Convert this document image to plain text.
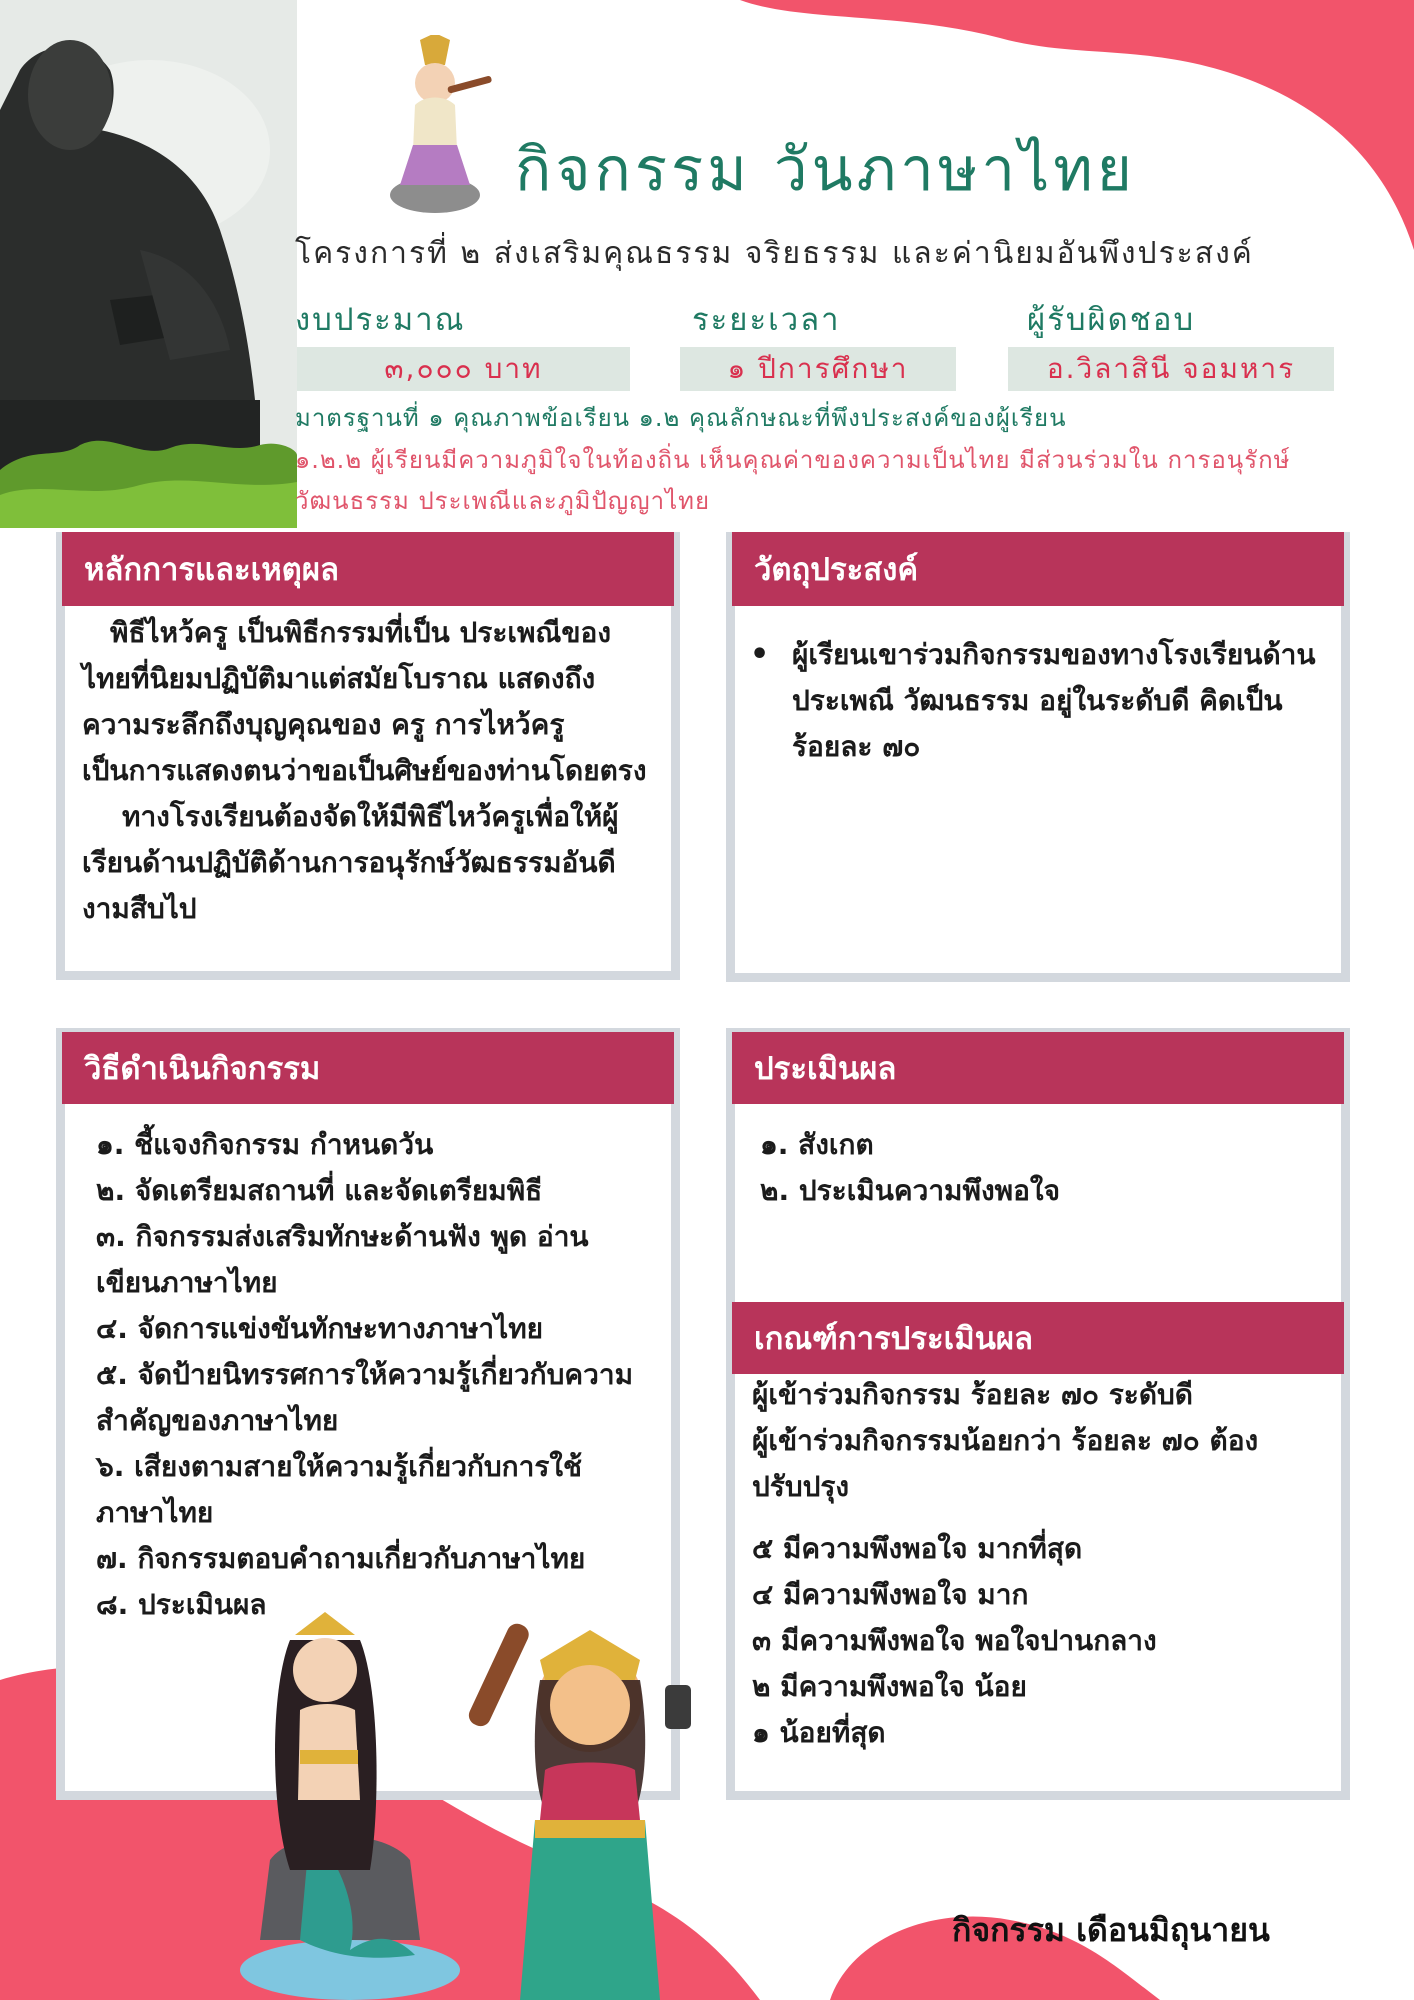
กิจกรรม วันภาษาไทย
โครงการที่ ๒ ส่งเสริมคุณธรรม จริยธรรม และค่านิยมอันพึงประสงค์
งบประมาณ	ระยะเวลา	ผู้รับผิดชอบ
๓,๐๐๐ บาท	๑ ปีการศึกษา	อ.วิลาสินี จอมหาร
มาตรฐานที่ ๑ คุณภาพข้อเรียน ๑.๒ คุณลักษณะที่พึงประสงค์ของผู้เรียน
๑.๒.๒ ผู้เรียนมีความภูมิใจในท้องถิ่น เห็นคุณค่าของความเป็นไทย มีส่วนร่วมใน การอนุรักษ์วัฒนธรรม ประเพณีและภูมิปัญญาไทย
หลักการและเหตุผล

พิธีไหว้ครู เป็นพิธีกรรมที่เป็น ประเพณีของไทยที่นิยมปฏิบัติมาแต่สมัยโบราณ แสดงถึงความระลึกถึงบุญคุณของ ครู การไหว้ครูเป็นการแสดงตนว่าขอเป็นศิษย์ของท่านโดยตรง

ทางโรงเรียนต้องจัดให้มีพิธีไหว้ครูเพื่อให้ผู้เรียนด้านปฏิบัติด้านการอนุรักษ์วัฒธรรมอันดีงามสืบไป

วัตถุประสงค์

• ผู้เรียนเขาร่วมกิจกรรมของทางโรงเรียนด้านประเพณี วัฒนธรรม อยู่ในระดับดี คิดเป็นร้อยละ ๗๐

วิธีดำเนินกิจกรรม

๑. ชี้แจงกิจกรรม กำหนดวัน

๒. จัดเตรียมสถานที่ และจัดเตรียมพิธี

๓. กิจกรรมส่งเสริมทักษะด้านฟัง พูด อ่าน เขียนภาษาไทย

๔. จัดการแข่งขันทักษะทางภาษาไทย

๕. จัดป้ายนิทรรศการให้ความรู้เกี่ยวกับความสำคัญของภาษาไทย

๖. เสียงตามสายให้ความรู้เกี่ยวกับการใช้ภาษาไทย

๗. กิจกรรมตอบคำถามเกี่ยวกับภาษาไทย

๘. ประเมินผล

ประเมินผล

๑. สังเกต

๒. ประเมินความพึงพอใจ

เกณฑ์การประเมินผล

ผู้เข้าร่วมกิจกรรม ร้อยละ ๗๐ ระดับดี

ผู้เข้าร่วมกิจกรรมน้อยกว่า ร้อยละ ๗๐ ต้องปรับปรุง

๕ มีความพึงพอใจ มากที่สุด

๔ มีความพึงพอใจ มาก

๓ มีความพึงพอใจ พอใจปานกลาง

๒ มีความพึงพอใจ น้อย

๑ น้อยที่สุด

กิจกรรม เดือนมิถุนายน
